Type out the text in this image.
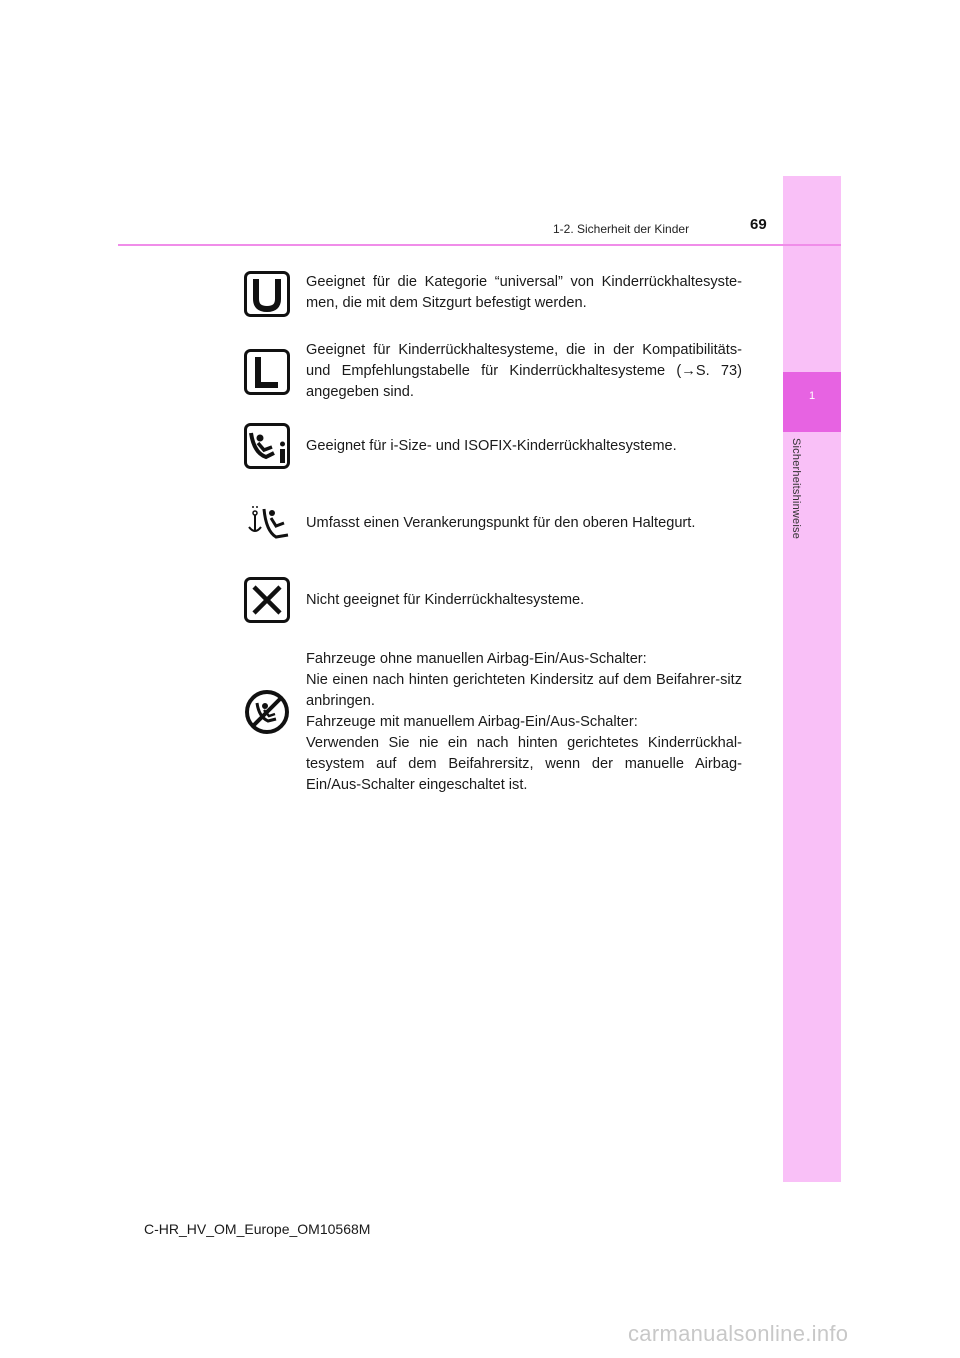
1
Sicherheitshinweise
1-2. Sicherheit der Kinder	69
Geeignet für die Kategorie “universal” von Kinderrückhaltesyste-men, die mit dem Sitzgurt befestigt werden.
Geeignet für Kinderrückhaltesysteme, die in der Kompatibilitäts-und Empfehlungstabelle für Kinderrückhaltesysteme (→S. 73) angegeben sind.
Geeignet für i-Size- und ISOFIX-Kinderrückhaltesysteme.
Umfasst einen Verankerungspunkt für den oberen Haltegurt.
Nicht geeignet für Kinderrückhaltesysteme.
Fahrzeuge ohne manuellen Airbag-Ein/Aus-Schalter:
Nie einen nach hinten gerichteten Kindersitz auf dem Beifahrer-sitz anbringen.
Fahrzeuge mit manuellem Airbag-Ein/Aus-Schalter:
Verwenden Sie nie ein nach hinten gerichtetes Kinderrückhal-tesystem auf dem Beifahrersitz, wenn der manuelle Airbag-Ein/Aus-Schalter eingeschaltet ist.
C-HR_HV_OM_Europe_OM10568M
carmanualsonline.info
